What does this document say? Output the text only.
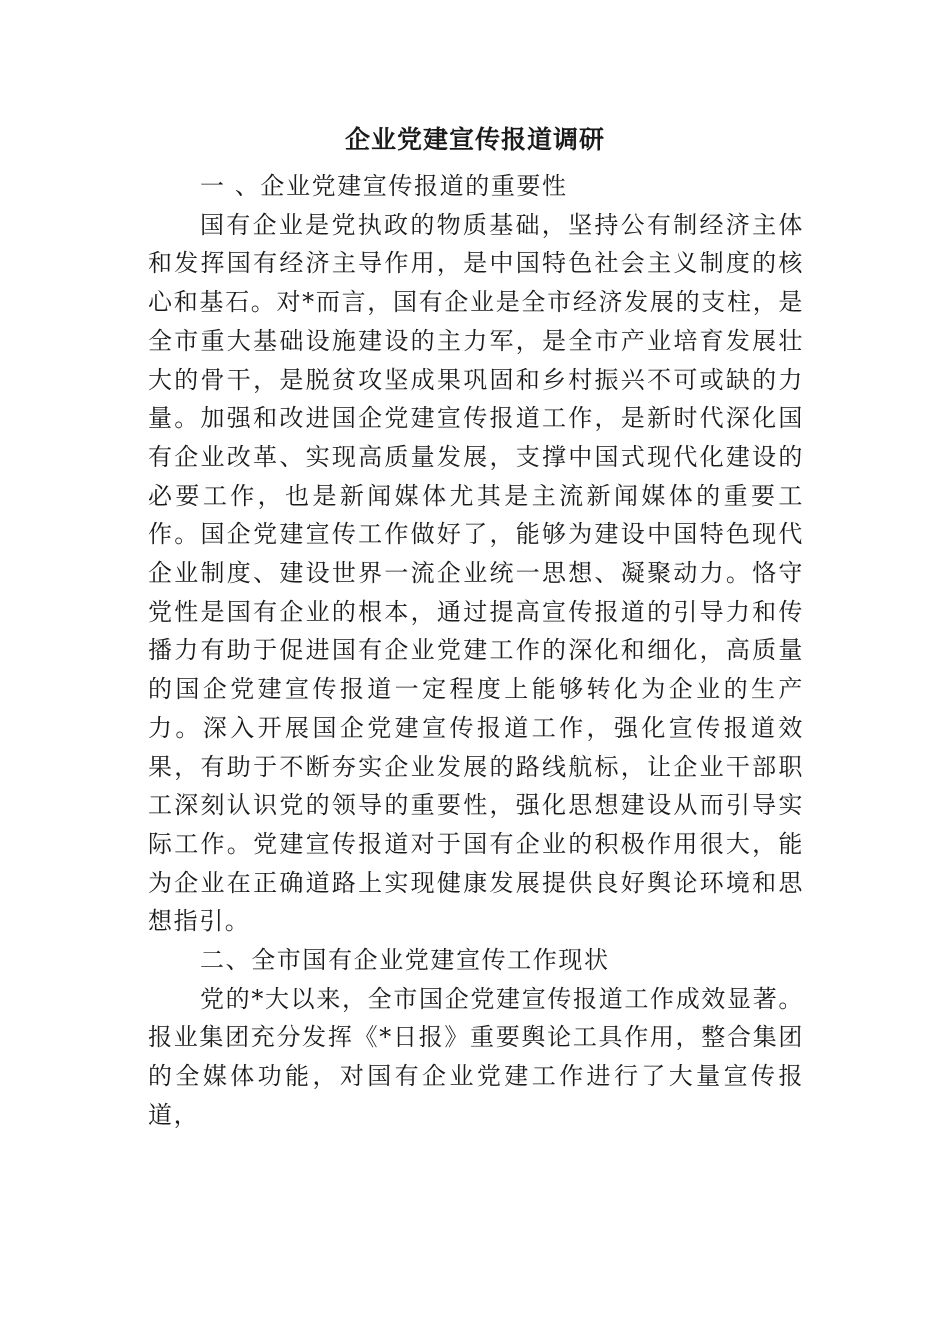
企业党建宣传报道调研

一 、企业党建宣传报道的重要性

国有企业是党执政的物质基础，坚持公有制经济主体和发挥国有经济主导作用，是中国特色社会主义制度的核心和基石。对*而言，国有企业是全市经济发展的支柱，是全市重大基础设施建设的主力军，是全市产业培育发展壮大的骨干，是脱贫攻坚成果巩固和乡村振兴不可或缺的力量。加强和改进国企党建宣传报道工作，是新时代深化国有企业改革、实现高质量发展，支撑中国式现代化建设的必要工作，也是新闻媒体尤其是主流新闻媒体的重要工作。国企党建宣传工作做好了，能够为建设中国特色现代企业制度、建设世界一流企业统一思想、凝聚动力。恪守党性是国有企业的根本，通过提高宣传报道的引导力和传播力有助于促进国有企业党建工作的深化和细化，高质量的国企党建宣传报道一定程度上能够转化为企业的生产力。深入开展国企党建宣传报道工作，强化宣传报道效果，有助于不断夯实企业发展的路线航标，让企业干部职工深刻认识党的领导的重要性，强化思想建设从而引导实际工作。党建宣传报道对于国有企业的积极作用很大，能为企业在正确道路上实现健康发展提供良好舆论环境和思想指引。

二、全市国有企业党建宣传工作现状

党的*大以来，全市国企党建宣传报道工作成效显著。报业集团充分发挥《*日报》重要舆论工具作用，整合集团的全媒体功能，对国有企业党建工作进行了大量宣传报道，
